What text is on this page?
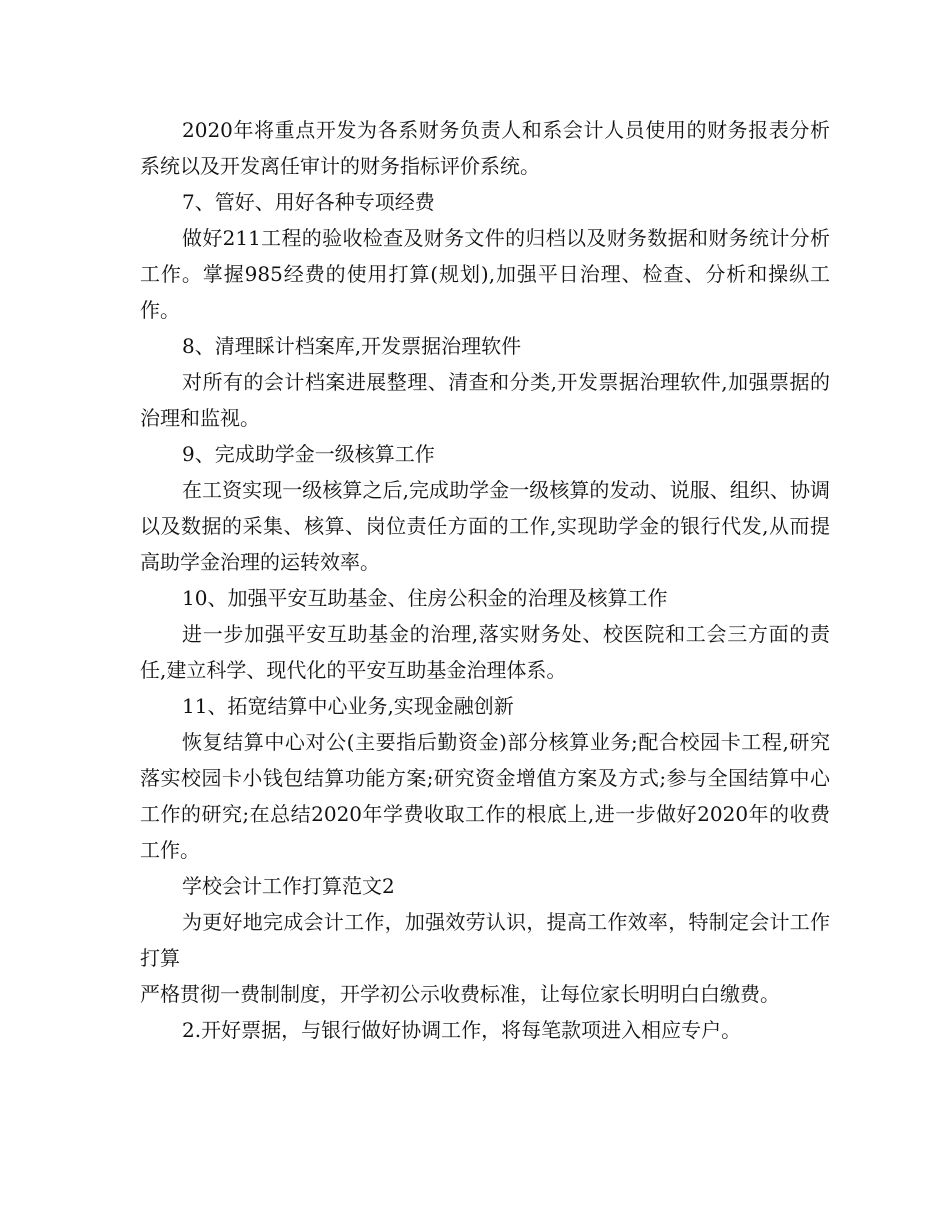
2020年将重点开发为各系财务负责人和系会计人员使用的财务报表分析系统以及开发离任审计的财务指标评价系统。

7、管好、用好各种专项经费

做好211工程的验收检查及财务文件的归档以及财务数据和财务统计分析工作。掌握985经费的使用打算(规划),加强平日治理、检查、分析和操纵工作。

8、清理睬计档案库,开发票据治理软件

对所有的会计档案进展整理、清查和分类,开发票据治理软件,加强票据的治理和监视。

9、完成助学金一级核算工作

在工资实现一级核算之后,完成助学金一级核算的发动、说服、组织、协调以及数据的采集、核算、岗位责任方面的工作,实现助学金的银行代发,从而提高助学金治理的运转效率。

10、加强平安互助基金、住房公积金的治理及核算工作

进一步加强平安互助基金的治理,落实财务处、校医院和工会三方面的责任,建立科学、现代化的平安互助基金治理体系。

11、拓宽结算中心业务,实现金融创新

恢复结算中心对公(主要指后勤资金)部分核算业务;配合校园卡工程,研究落实校园卡小钱包结算功能方案;研究资金增值方案及方式;参与全国结算中心工作的研究;在总结2020年学费收取工作的根底上,进一步做好2020年的收费工作。

学校会计工作打算范文2

为更好地完成会计工作，加强效劳认识，提高工作效率，特制定会计工作打算

严格贯彻一费制制度，开学初公示收费标准，让每位家长明明白白缴费。

2.开好票据，与银行做好协调工作，将每笔款项进入相应专户。
